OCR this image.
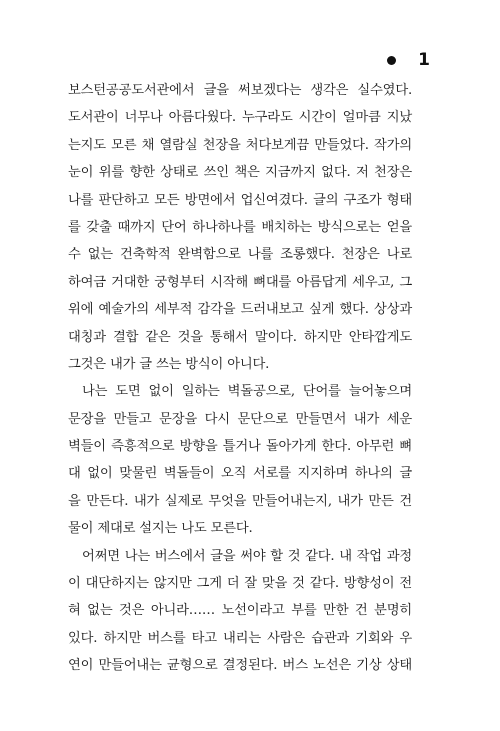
1
보스턴공공도서관에서 글을 써보겠다는 생각은 실수였다.
도서관이 너무나 아름다웠다. 누구라도 시간이 얼마큼 지났
는지도 모른 채 열람실 천장을 처다보게끔 만들었다. 작가의
눈이 위를 향한 상태로 쓰인 책은 지금까지 없다. 저 천장은
나를 판단하고 모든 방면에서 업신여겼다. 글의 구조가 형태
를 갖출 때까지 단어 하나하나를 배치하는 방식으로는 얻을
수 없는 건축학적 완벽함으로 나를 조롱했다. 천장은 나로
하여금 거대한 궁형부터 시작해 뼈대를 아름답게 세우고, 그
위에 예술가의 세부적 감각을 드러내보고 싶게 했다. 상상과
대칭과 결합 같은 것을 통해서 말이다. 하지만 안타깝게도
그것은 내가 글 쓰는 방식이 아니다.
나는 도면 없이 일하는 벽돌공으로, 단어를 늘어놓으며
문장을 만들고 문장을 다시 문단으로 만들면서 내가 세운
벽들이 즉흥적으로 방향을 틀거나 돌아가게 한다. 아무런 뼈
대 없이 맞물린 벽돌들이 오직 서로를 지지하며 하나의 글
을 만든다. 내가 실제로 무엇을 만들어내는지, 내가 만든 건
물이 제대로 설지는 나도 모른다.
어쩌면 나는 버스에서 글을 써야 할 것 같다. 내 작업 과정
이 대단하지는 않지만 그게 더 잘 맞을 것 같다. 방향성이 전
혀 없는 것은 아니라…… 노선이라고 부를 만한 건 분명히
있다. 하지만 버스를 타고 내리는 사람은 습관과 기회와 우
연이 만들어내는 균형으로 결정된다. 버스 노선은 기상 상태
